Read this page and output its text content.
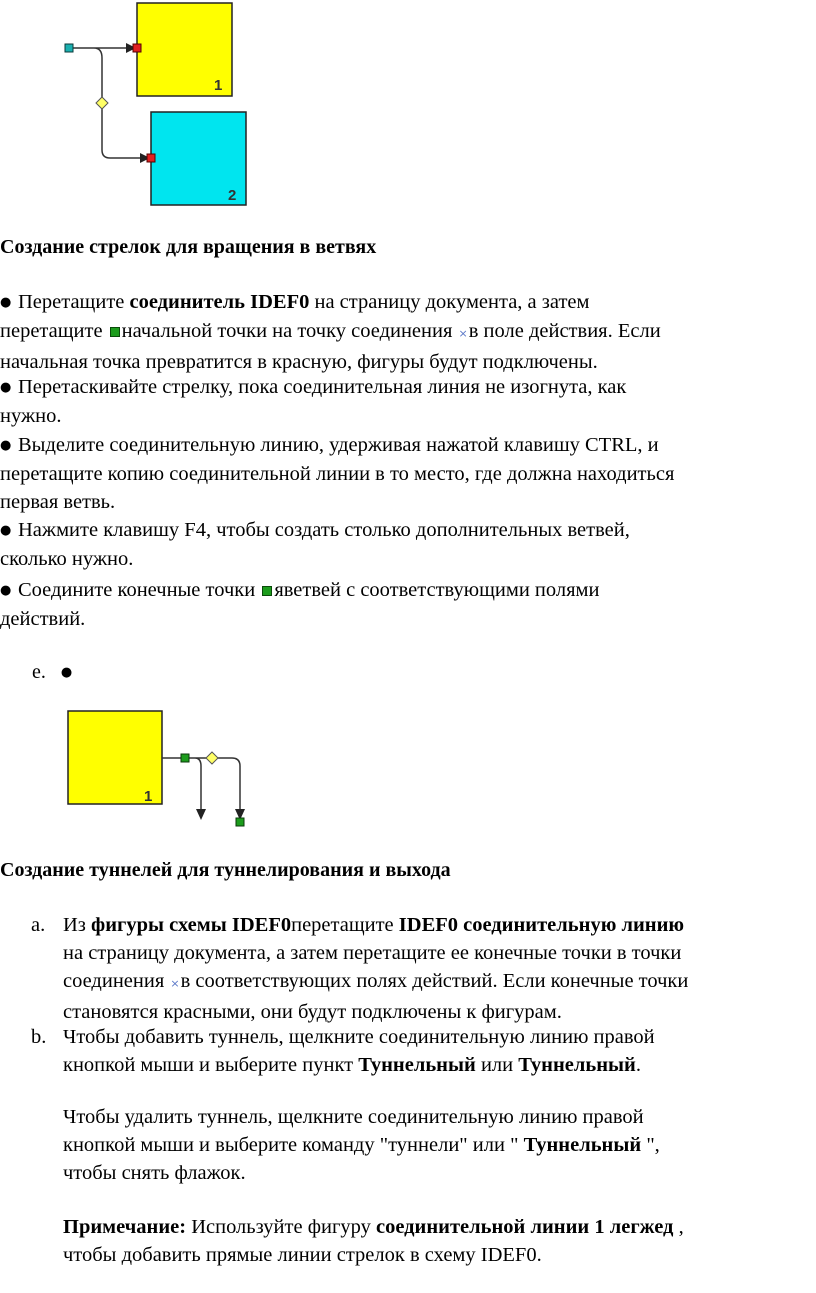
1
2
Создание стрелок для вращения в ветвях
● Перетащите соединитель IDEF0 на страницу документа, а затем
перетащите начальной точки на точку соединения ×в поле действия. Если
начальная точка превратится в красную, фигуры будут подключены.
● Перетаскивайте стрелку, пока соединительная линия не изогнута, как
нужно.
● Выделите соединительную линию, удерживая нажатой клавишу CTRL, и
перетащите копию соединительной линии в то место, где должна находиться
первая ветвь.
● Нажмите клавишу F4, чтобы создать столько дополнительных ветвей,
сколько нужно.
● Соедините конечные точки яветвей с соответствующими полями
действий.
e. ●
1
Создание туннелей для туннелирования и выхода
a. Из фигуры схемы IDEF0перетащите IDEF0 соединительную линию
на страницу документа, а затем перетащите ее конечные точки в точки
соединения ×в соответствующих полях действий. Если конечные точки
становятся красными, они будут подключены к фигурам.
b. Чтобы добавить туннель, щелкните соединительную линию правой
кнопкой мыши и выберите пункт Туннельный или Туннельный.
Чтобы удалить туннель, щелкните соединительную линию правой
кнопкой мыши и выберите команду "туннели" или " Туннельный ",
чтобы снять флажок.
Примечание: Используйте фигуру соединительной линии 1 легжед ,
чтобы добавить прямые линии стрелок в схему IDEF0.
